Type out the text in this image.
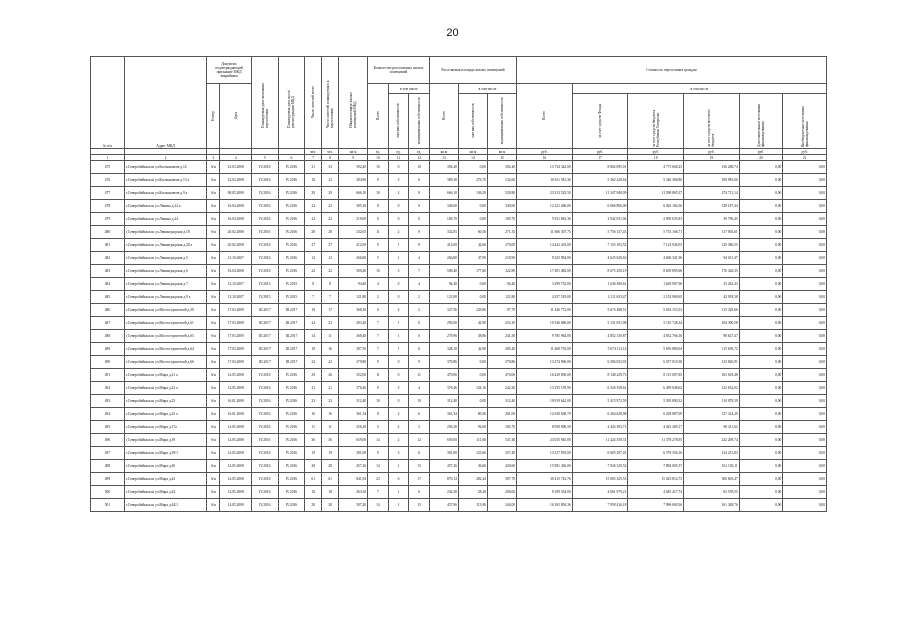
20
№ п/п	Адрес МКД	Документ, подтверждающий признание МКД аварийным		Планируемая дата окончания переселения	Планируемая дата сноса/реконструкции МКД	Число жителей всего	Число жителей планируемых к переселению	Общая площадь жилых помещений МКД	Количество расселяемых жилых помещений			Расселяемая площадь жилых помещений			Стоимость переселения граждан					
		Номер	Дата						Всего	в том числе		Всего	в том числе		Всего	в том числе				
										частная собственность	муниципальная собственность		частная собственность	муниципальная собственность		за счет средств Фонда	за счет средств бюджета Республики Татарстан	за счет средств местного бюджета	Дополнительные источники финансирования	Внебюджетные источники финансирования
						чел.	чел.	кв.м	ед.	ед.	ед.	кв.м	кв.м	кв.м	руб.	руб.	руб.	руб.	руб.	руб.
1	2	3	4	5	6	7	8	9	10	11	12	13	14	15	16	17	18	19	20	21
475	г.Северобайкальск ул.Космонавтов д.12	б/н	23.03.2008	IV.2016	IV.2016	31	33	392,40	10	0	10	392,40	0,00	392,40	13 734 342,00	8 802 095,01	4 775 668,25	156 268,74	0,00	0,00
476	г.Северобайкальск ул.Космонавтов д.13 а	б/н	23.03.2008	IV.2016	IV.2016	18	12	384,90	9	5	6	389,30	276,70	132,60	10 611 581,36	5 362 228,64	5 346 368,80	108 983,06	0,00	0,00
477	г.Северобайкальск ул.Космонавтов д.9 а	б/н	08.05.2008	IV.2016	IV.2016	29	29	666,10	10	2	8	666,10	136,50	529,80	23 213 525,50	11 347 948,99	11 590 865,37	274 711,14	0,00	0,00
478	г.Северобайкальск ул.Ленина д.22 а	б/н	16.04.2008	IV.2016	IV.2016	22	22	305,30	8	0	8	349,60	0,00	349,60	12 221 266,00	6 066 896,00	6 026 184,36	128 187,44	0,00	0,00
479	г.Северобайкальск ул.Ленина д.24	б/н	16.04.2008	IV.2016	IV.2016	22	22	319,00	6	0	6	169,70	0,00	169,70	5 931 863,36	2 942 031,04	2 950 035,81	39 796,45	0,00	0,00
480	г.Северобайкальск ул.Ленинградская д.18	б/н	20.02.2008	IV.2016	IV.2016	28	28	332,05	11	2	9	332,05	60,56	271,35	11 666 307,75	5 756 137,43	5 733 166,71	117 003,61	0,00	0,00
481	г.Северобайкальск ул.Ленинградская д.20 а	б/н	20.02.2008	IV.2016	IV.2016	27	27	412,69	9	1	8	412,69	42,66	370,00	14 422 433,00	7 153 103,52	7 123 946,93	145 386,55	0,00	0,00
482	г.Северобайкальск ул.Ленинградская д.5	б/н	13.10.2007	IV.2016	IV.2016	12	12	266,80	5	1	4	266,80	47,90	218,90	9 325 994,00	4 625 629,63	4 606 341,90	94 011,47	0,00	0,00
483	г.Северобайкальск ул.Ленинградская д.6	б/н	16.04.2008	IV.2016	IV.2016	22	22	500,40	10	3	7	500,40	177,60	322,80	17 491 482,00	8 675 250,19	8 639 895,66	176 326,35	0,00	0,00
484	г.Северобайкальск ул.Ленинградская д.7	б/н	13.10.2007	IV.2015	IV.2015	8	8	94,40	4	0	4	94,40	0,00	94,40	3 299 752,00	1 636 380,61	1 629 907,96	33 263,43	0,00	0,00
485	г.Северобайкальск ул.Ленинградская д.9 а	б/н	13.10.2007	IV.2015	IV.2015	7	7	121,80	2	0	2	121,80	0,00	121,80	4 257 519,00	2 111 633,47	2 102 969,65	42 918,38	0,00	0,00
486	г.Северобайкальск ул.Мостостроителей д.59	б/н	17.03.2009	III.2017	III.2017	19	17	368,30	6	4	2	327,56	229,86	97,70	11 446 772,00	5 674 288,51	5 654 153,33	115 329,66	0,00	0,00
487	г.Северобайкальск ул.Мостостроителей д.61	б/н	17.03.2009	III.2017	III.2017	24	23	293,20	7	1	6	295,00	42,90	253,10	10 346 686,00	5 131 651,98	5 110 728,34	104 300,58	0,00	0,00
488	г.Северобайкальск ул.Мостостроителей д.63	б/н	17.03.2009	III.2017	III.2017	14	11	368,40	7	1	6	279,96	38,86	241,30	9 785 964,00	4 852 130,87	4 832 766,16	98 627,47	0,00	0,00
489	г.Северобайкальск ул.Мостостроителей д.64	б/н	17.03.2009	III.2017	III.2017	18	16	387,50	7	1	6	328,10	42,90	285,20	11 468 735,00	5 674 113,14	5 656 880,04	115 639,72	0,00	0,00
490	г.Северобайкальск ул.Мостостроителей д.66	б/н	17.03.2009	III.2017	III.2017	22	22	379,80	9	0	9	379,86	0,00	379,86	13 274 906,00	6 584 033,91	6 557 010,38	133 820,91	0,00	0,00
491	г.Северобайкальск ул.Мира д.21 а	б/н	14.05.2008	IV.2016	IV.2016	29	26	352,00	11	0	11	470,06	0,00	470,06	16 429 856,00	8 148 229,73	8 115 007,85	165 618,48	0,00	0,00
492	г.Северобайкальск ул.Мира д.23 а	б/н	14.05.2008	IV.2016	IV.2016	21	21	376,46	9	5	4	376,46	134,16	242,30	13 155 159,90	6 526 358,61	6 499 948,62	132 652,02	0,00	0,00
493	г.Северобайкальск ул.Мира д.25	б/н	16.01.2008	IV.2016	IV.2016	23	23	312,40	10	0	10	312,40	0,00	312,40	10 919 642,00	5 415 972,59	5 393 890,32	110 079,59	0,00	0,00
494	г.Северобайкальск ул.Мира д.25 а	б/н	16.01.2008	IV.2016	IV.2016	16	16	361,34	8	2	6	361,34	80,56	281,00	12 630 638,70	6 264 628,98	6 238 887,09	127 324,29	0,00	0,00
495	г.Северобайкальск ул.Мира д.37а	б/н	14.05.2008	IV.2016	IV.2016	11	11	256,30	5	2	3	256,30	92,60	165,70	8 958 906,50	4 443 383,71	4 425 269,17	90 311,62	0,00	0,00
496	г.Северобайкальск ул.Мира д.39	б/н	14.05.2008	IV.2016	IV.2016	36	36	659,00	14	2	12	659,00	111,66	547,40	23 035 945,00	11 424 358,31	11 378 278,95	232 209,74	0,00	0,00
497	г.Северобайкальск ул.Мира д.39/1	б/н	14.05.2008	IV.2016	IV.2016	19	19	381,00	9	3	6	381,00	123,66	257,40	13 317 855,00	6 605 297,01	6 578 356,16	134 251,83	0,00	0,00
498	г.Северобайкальск ул.Мира д.40	б/н	14.05.2008	IV.2016	IV.2016	28	28	457,26	14	1	13	457,26	36,66	420,60	15 981 436,00	7 926 329,52	7 894 005,37	161 102,11	0,00	0,00
499	г.Северобайкальск ул.Мира д.42	б/н	14.05.2008	IV.2016	IV.2016	61	61	841,94	23	6	17	870,14	282,44	587,70	30 415 743,76	15 085 329,53	15 023 814,73	306 603,47	0,00	0,00
500	г.Северобайкальск ул.Мира д.43	б/н	14.05.2008	IV.2016	IV.2016	18	18	263,30	7	1	6	234,30	28,30	206,00	8 189 354,00	4 061 979,21	4 045 417,74	82 559,55	0,00	0,00
501	г.Северобайкальск ул.Мира д.44/1	б/н	14.05.2008	IV.2016	IV.2016	28	28	397,20	14	1	13	457,96	113,96	344,00	16 165 894,36	7 958 416,18	7 996 069,36	161 348,76	0,00	0,00
